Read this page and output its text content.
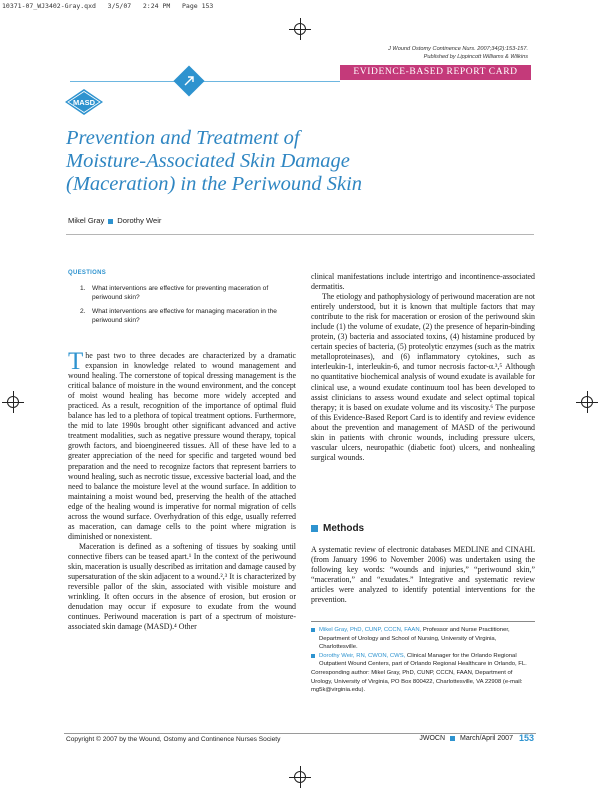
10371-07_WJ3402-Gray.qxd   3/5/07   2:24 PM   Page 153
J Wound Ostomy Continence Nurs. 2007;34(2):153-157.
Published by Lippincott Williams & Wilkins
EVIDENCE-BASED REPORT CARD
MASD
Prevention and Treatment of
Moisture-Associated Skin Damage
(Maceration) in the Periwound Skin
Mikel Gray Dorothy Weir
QUESTIONS
1. What interventions are effective for preventing maceration of periwound skin?
2. What interventions are effective for managing maceration in the periwound skin?

The past two to three decades are characterized by a dramatic expansion in knowledge related to wound management and wound healing. The cornerstone of topical dressing management is the critical balance of moisture in the wound environment, and the concept of moist wound healing has become more widely accepted and practiced. As a result, recognition of the importance of optimal fluid balance has led to a plethora of topical treatment options. Furthermore, the mid to late 1990s brought other significant advanced and active treatment modalities, such as negative pressure wound therapy, topical growth factors, and bioengineered tissues. All of these have led to a greater appreciation of the need for specific and targeted wound bed preparation and the need to recognize factors that represent barriers to wound healing, such as necrotic tissue, excessive bacterial load, and the need to balance the moisture level at the wound surface. In addition to maintaining a moist wound bed, preserving the health of the attached edge of the healing wound is imperative for normal migration of cells across the wound surface. Overhydration of this edge, usually referred as maceration, can damage cells to the point where migration is diminished or nonexistent.

Maceration is defined as a softening of tissues by soaking until connective fibers can be teased apart.¹ In the context of the periwound skin, maceration is usually described as irritation and damage caused by supersaturation of the skin adjacent to a wound.²,³ It is characterized by reversible pallor of the skin, associated with visible moisture and wrinkling. It often occurs in the absence of erosion, but erosion or denudation may occur if exposure to exudate from the wound continues. Periwound maceration is part of a spectrum of moisture-associated skin damage (MASD).⁴ Other

clinical manifestations include intertrigo and incontinence-associated dermatitis.

The etiology and pathophysiology of periwound maceration are not entirely understood, but it is known that multiple factors that may contribute to the risk for maceration or erosion of the periwound skin include (1) the volume of exudate, (2) the presence of heparin-binding protein, (3) bacteria and associated toxins, (4) histamine produced by certain species of bacteria, (5) proteolytic enzymes (such as the matrix metalloproteinases), and (6) inflammatory cytokines, such as interleukin-1, interleukin-6, and tumor necrosis factor-α.³,⁵ Although no quantitative biochemical analysis of wound exudate is available for clinical use, a wound exudate continuum tool has been developed to assist clinicians to assess wound exudate and select optimal topical therapy; it is based on exudate volume and its viscosity.⁶ The purpose of this Evidence-Based Report Card is to identify and review evidence about the prevention and management of MASD of the periwound skin in patients with chronic wounds, including pressure ulcers, vascular ulcers, neuropathic (diabetic foot) ulcers, and nonhealing surgical wounds.

Methods

A systematic review of electronic databases MEDLINE and CINAHL (from January 1996 to November 2006) was undertaken using the following key words: “wounds and injuries,” “periwound skin,” “maceration,” and “exudates.” Integrative and systematic review articles were analyzed to identify potential interventions for the prevention.

Mikel Gray, PhD, CUNP, CCCN, FAAN, Professor and Nurse Practitioner, Department of Urology and School of Nursing, University of Virginia, Charlottesville.

Dorothy Weir, RN, CWON, CWS, Clinical Manager for the Orlando Regional Outpatient Wound Centers, part of Orlando Regional Healthcare in Orlando, FL.

Corresponding author: Mikel Gray, PhD, CUNP, CCCN, FAAN, Department of Urology, University of Virginia, PO Box 800422, Charlottesville, VA 22908 (e-mail: mg5k@virginia.edu).

Copyright © 2007 by the Wound, Ostomy and Continence Nurses Society	JWOCN March/April 2007 153
